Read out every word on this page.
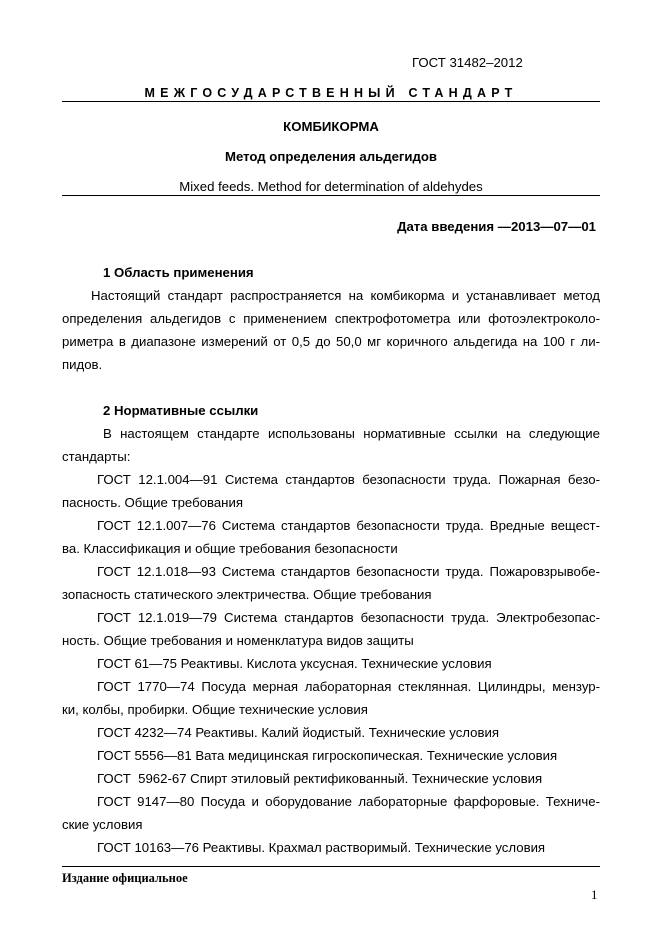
ГОСТ 31482–2012
МЕЖГОСУДАРСТВЕННЫЙ СТАНДАРТ
КОМБИКОРМА
Метод определения альдегидов
Mixed feeds. Method for determination of aldehydes
Дата введения —2013—07—01
1 Область применения
Настоящий стандарт распространяется на комбикорма и устанавливает метод
определения альдегидов с применением спектрофотометра или фотоэлектроколо-
риметра в диапазоне измерений от 0,5 до 50,0 мг коричного альдегида на 100 г ли-
пидов.
2 Нормативные ссылки
В настоящем стандарте использованы нормативные ссылки на следующие
стандарты:
ГОСТ 12.1.004—91 Система стандартов безопасности труда. Пожарная безо-
пасность. Общие требования
ГОСТ 12.1.007—76 Система стандартов безопасности труда. Вредные вещест-
ва. Классификация и общие требования безопасности
ГОСТ 12.1.018—93 Система стандартов безопасности труда. Пожаровзрывобе-
зопасность статического электричества. Общие требования
ГОСТ 12.1.019—79 Система стандартов безопасности труда. Электробезопас-
ность. Общие требования и номенклатура видов защиты
ГОСТ 61—75 Реактивы. Кислота уксусная. Технические условия
ГОСТ 1770—74 Посуда мерная лабораторная стеклянная. Цилиндры, мензур-
ки, колбы, пробирки. Общие технические условия
ГОСТ 4232—74 Реактивы. Калий йодистый. Технические условия
ГОСТ 5556—81 Вата медицинская гигроскопическая. Технические условия
ГОСТ  5962-67 Спирт этиловый ректификованный. Технические условия
ГОСТ 9147—80 Посуда и оборудование лабораторные фарфоровые. Техниче-
ские условия
ГОСТ 10163—76 Реактивы. Крахмал растворимый. Технические условия
Издание официальное
1
